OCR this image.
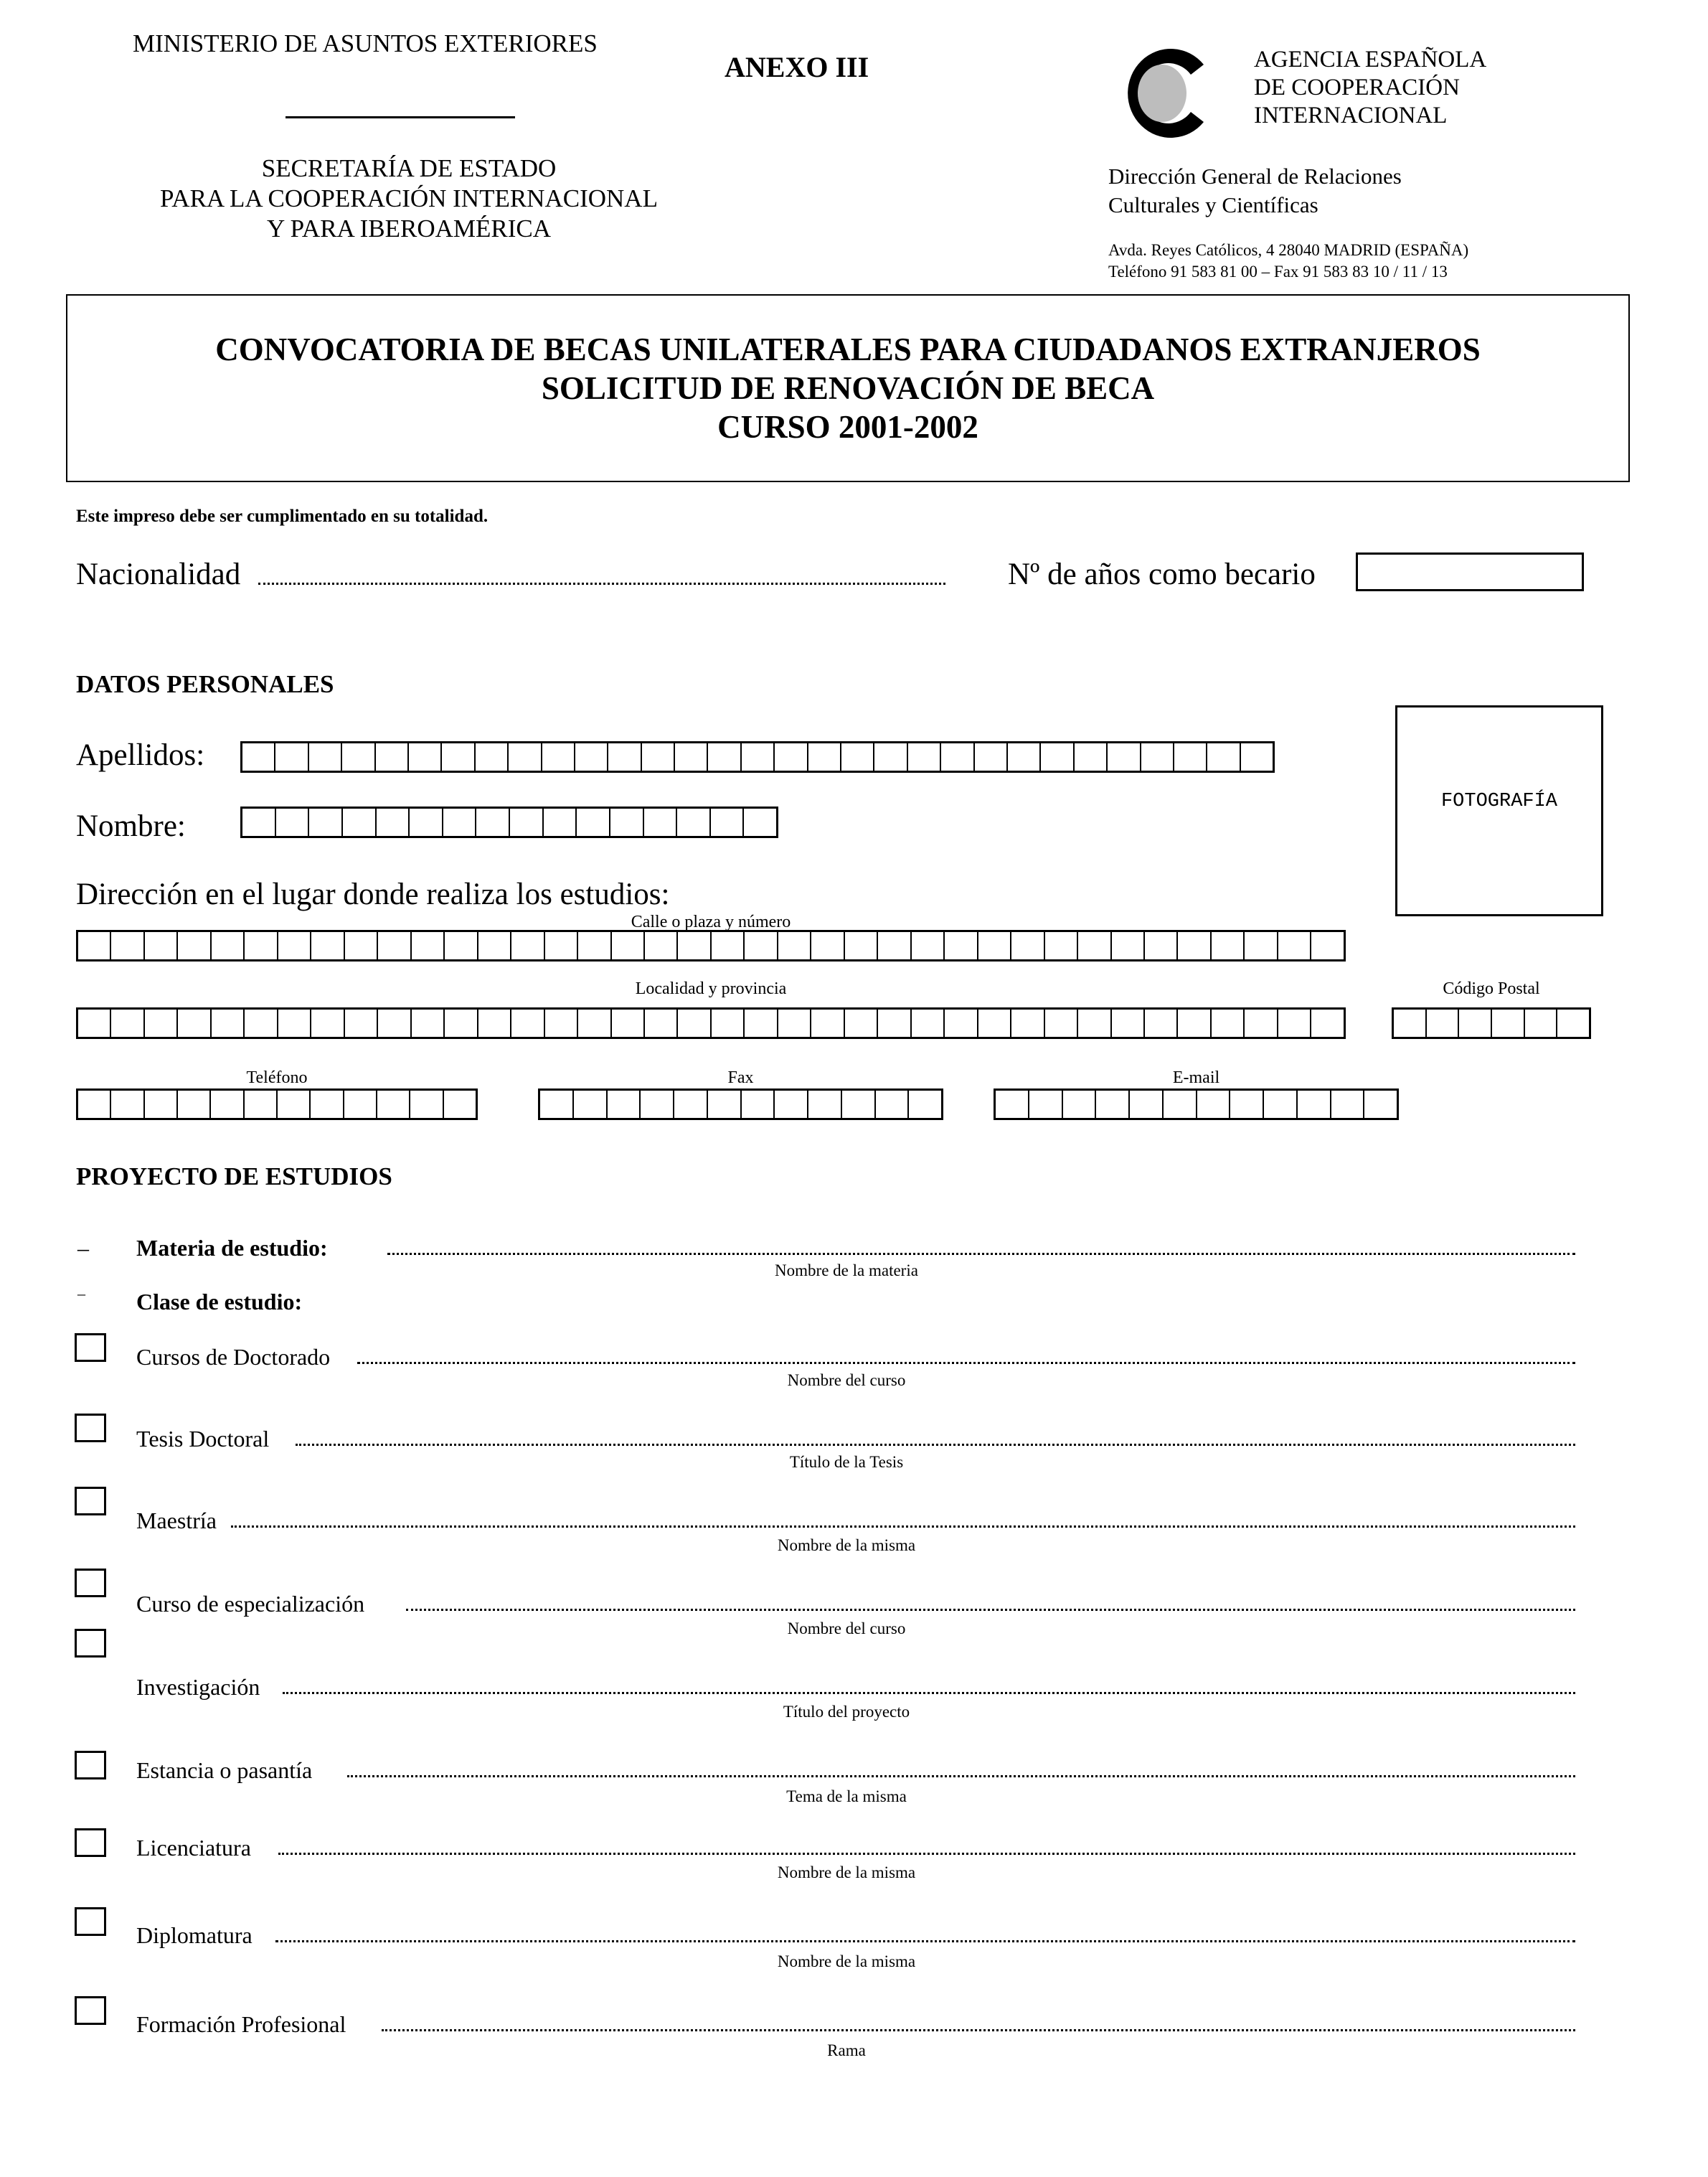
MINISTERIO DE ASUNTOS EXTERIORES
SECRETARÍA DE ESTADO
PARA LA COOPERACIÓN INTERNACIONAL
Y PARA IBEROAMÉRICA
ANEXO III	AGENCIA ESPAÑOLA
DE COOPERACIÓN
INTERNACIONAL
Dirección General de Relaciones
Culturales y Científicas
Avda. Reyes Católicos, 4 28040 MADRID (ESPAÑA)
Teléfono 91 583 81 00 – Fax 91 583 83 10 / 11 / 13
CONVOCATORIA DE BECAS UNILATERALES PARA CIUDADANOS EXTRANJEROS
SOLICITUD DE RENOVACIÓN DE BECA
CURSO 2001-2002
Este impreso debe ser cumplimentado en su totalidad.
Nacionalidad	Nº de años como becario
DATOS PERSONALES
Apellidos:
Nombre:
FOTOGRAFÍA
Dirección en el lugar donde realiza los estudios:
Calle o plaza y número
Localidad y provincia	Código Postal
Teléfono	Fax	E-mail
PROYECTO DE ESTUDIOS
– Materia de estudio:
Nombre de la materia
– Clase de estudio:
Cursos de Doctorado
Nombre del curso
Tesis Doctoral
Título de la Tesis
Maestría
Nombre de la misma
Curso de especialización
Nombre del curso
Investigación
Título del proyecto
Estancia o pasantía
Tema de la misma
Licenciatura
Nombre de la misma
Diplomatura
Nombre de la misma
Formación Profesional
Rama
